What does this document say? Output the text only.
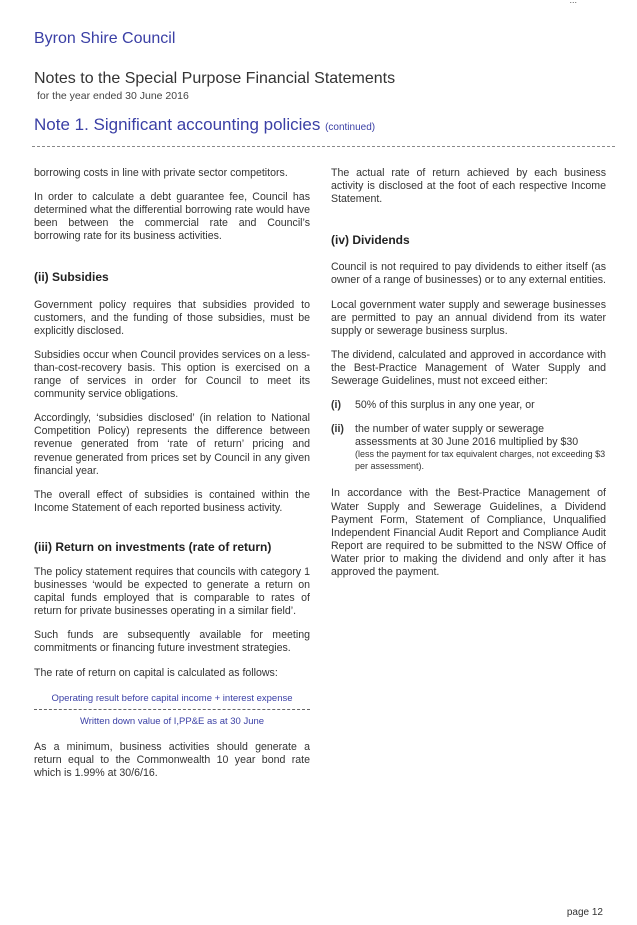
...
Byron Shire Council
Notes to the Special Purpose Financial Statements
for the year ended 30 June 2016
Note 1. Significant accounting policies (continued)

borrowing costs in line with private sector competitors.

In order to calculate a debt guarantee fee, Council has determined what the differential borrowing rate would have been between the commercial rate and Council’s borrowing rate for its business activities.

(ii) Subsidies

Government policy requires that subsidies provided to customers, and the funding of those subsidies, must be explicitly disclosed.

Subsidies occur when Council provides services on a less-than-cost-recovery basis. This option is exercised on a range of services in order for Council to meet its community service obligations.

Accordingly, ‘subsidies disclosed’ (in relation to National Competition Policy) represents the difference between revenue generated from ‘rate of return’ pricing and revenue generated from prices set by Council in any given financial year.

The overall effect of subsidies is contained within the Income Statement of each reported business activity.

(iii) Return on investments (rate of return)

The policy statement requires that councils with category 1 businesses ‘would be expected to generate a return on capital funds employed that is comparable to rates of return for private businesses operating in a similar field’.

Such funds are subsequently available for meeting commitments or financing future investment strategies.

The rate of return on capital is calculated as follows:

Operating result before capital income + interest expense
Written down value of I,PP&E as at 30 June

As a minimum, business activities should generate a return equal to the Commonwealth 10 year bond rate which is 1.99% at 30/6/16.

The actual rate of return achieved by each business activity is disclosed at the foot of each respective Income Statement.

(iv) Dividends

Council is not required to pay dividends to either itself (as owner of a range of businesses) or to any external entities.

Local government water supply and sewerage businesses are permitted to pay an annual dividend from its water supply or sewerage business surplus.

The dividend, calculated and approved in accordance with the Best-Practice Management of Water Supply and Sewerage Guidelines, must not exceed either:

(i) 50% of this surplus in any one year, or
(ii) the number of water supply or sewerage assessments at 30 June 2016 multiplied by $30
(less the payment for tax equivalent charges, not exceeding $3 per assessment).

In accordance with the Best-Practice Management of Water Supply and Sewerage Guidelines, a Dividend Payment Form, Statement of Compliance, Unqualified Independent Financial Audit Report and Compliance Audit Report are required to be submitted to the NSW Office of Water prior to making the dividend and only after it has approved the payment.

page 12
